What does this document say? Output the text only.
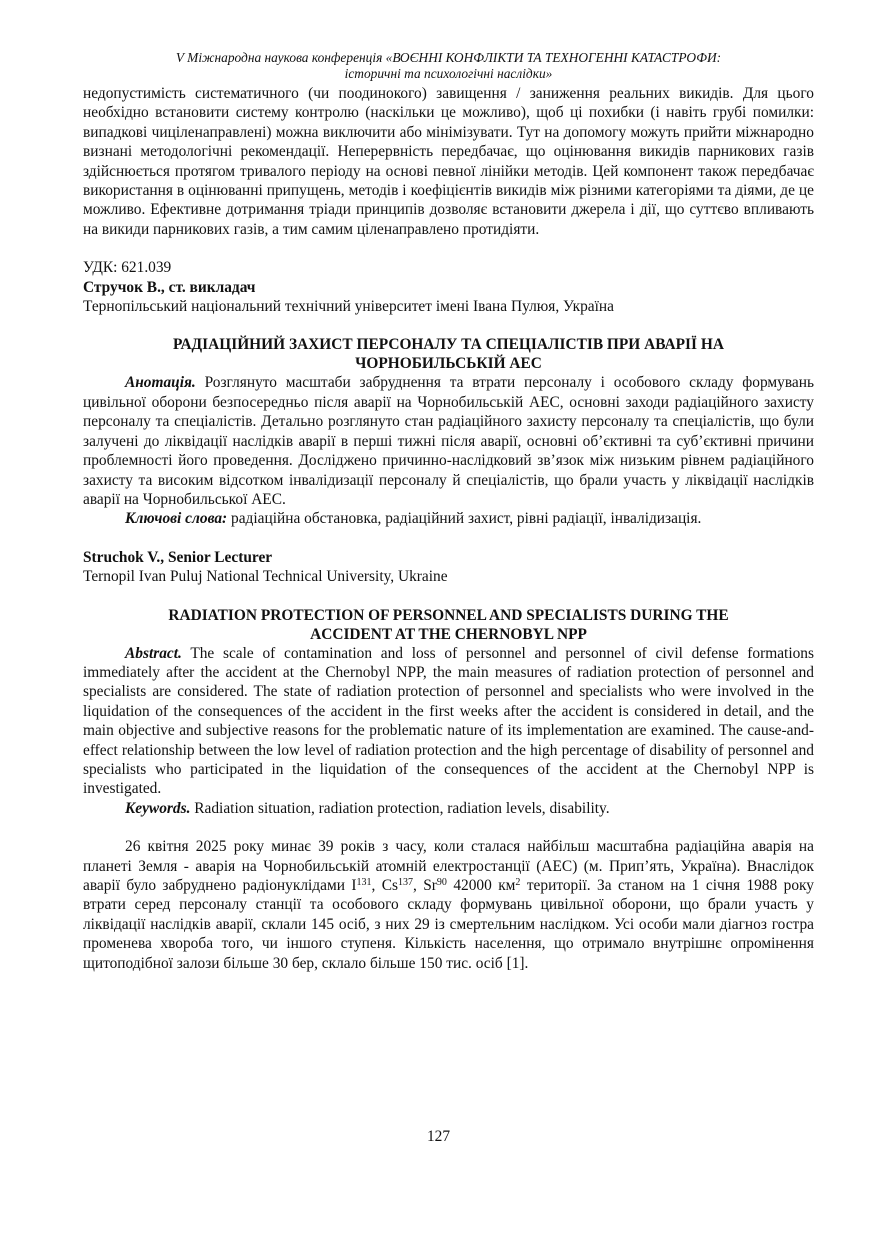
V Міжнародна наукова конференція «ВОЄННІ КОНФЛІКТИ ТА ТЕХНОГЕННІ КАТАСТРОФИ:
історичні та психологічні наслідки»

недопустимість систематичного (чи поодинокого) завищення / заниження реальних викидів. Для цього необхідно встановити систему контролю (наскільки це можливо), щоб ці похибки (і навіть грубі помилки: випадкові чиціленаправлені) можна виключити або мінімізувати. Тут на допомогу можуть прийти міжнародно визнані методологічні рекомендації. Неперервність передбачає, що оцінювання викидів парникових газів здійснюється протягом тривалого періоду на основі певної лінійки методів. Цей компонент також передбачає використання в оцінюванні припущень, методів і коефіцієнтів викидів між різними категоріями та діями, де це можливо. Ефективне дотримання тріади принципів дозволяє встановити джерела і дії, що суттєво впливають на викиди парникових газів, а тим самим ціленаправлено протидіяти.

УДК: 621.039

Стручок В., ст. викладач

Тернопільський національний технічний університет імені Івана Пулюя, Україна

РАДІАЦІЙНИЙ ЗАХИСТ ПЕРСОНАЛУ ТА СПЕЦІАЛІСТІВ ПРИ АВАРІЇ НА
ЧОРНОБИЛЬСЬКІЙ АЕС

Анотація. Розглянуто масштаби забруднення та втрати персоналу і особового складу формувань цивільної оборони безпосередньо після аварії на Чорнобильській АЕС, основні заходи радіаційного захисту персоналу та спеціалістів. Детально розглянуто стан радіаційного захисту персоналу та спеціалістів, що були залучені до ліквідації наслідків аварії в перші тижні після аварії, основні об’єктивні та суб’єктивні причини проблемності його проведення. Досліджено причинно-наслідковий зв’язок між низьким рівнем радіаційного захисту та високим відсотком інвалідизації персоналу й спеціалістів, що брали участь у ліквідації наслідків аварії на Чорнобильської АЕС.

Ключові слова: радіаційна обстановка, радіаційний захист, рівні радіації, інвалідизація.

Struchok V., Senior Lecturer

Ternopil Ivan Puluj National Technical University, Ukraine

RADIATION PROTECTION OF PERSONNEL AND SPECIALISTS DURING THE
ACCIDENT AT THE CHERNOBYL NPP

Abstract. The scale of contamination and loss of personnel and personnel of civil defense formations immediately after the accident at the Chernobyl NPP, the main measures of radiation protection of personnel and specialists are considered. The state of radiation protection of personnel and specialists who were involved in the liquidation of the consequences of the accident in the first weeks after the accident is considered in detail, and the main objective and subjective reasons for the problematic nature of its implementation are examined. The cause-and-effect relationship between the low level of radiation protection and the high percentage of disability of personnel and specialists who participated in the liquidation of the consequences of the accident at the Chernobyl NPP is investigated.

Keywords. Radiation situation, radiation protection, radiation levels, disability.

26 квітня 2025 року минає 39 років з часу, коли сталася найбільш масштабна радіаційна аварія на планеті Земля - аварія на Чорнобильській атомній електростанції (АЕС) (м. Прип’ять, Україна). Внаслідок аварії було забруднено радіонуклідами $I^{131}$, Cs$^{137}$, Sr$^{90}$ 42000 $км^2$ території. За станом на 1 січня 1988 року втрати серед персоналу станції та особового складу формувань цивільної оборони, що брали участь у ліквідації наслідків аварії, склали 145 осіб, з них 29 із смертельним наслідком. Усі особи мали діагноз гостра променева хвороба того, чи іншого ступеня. Кількість населення, що отримало внутрішнє опромінення щитоподібної залози більше 30 бер, склало більше 150 тис. осіб [1].

127
